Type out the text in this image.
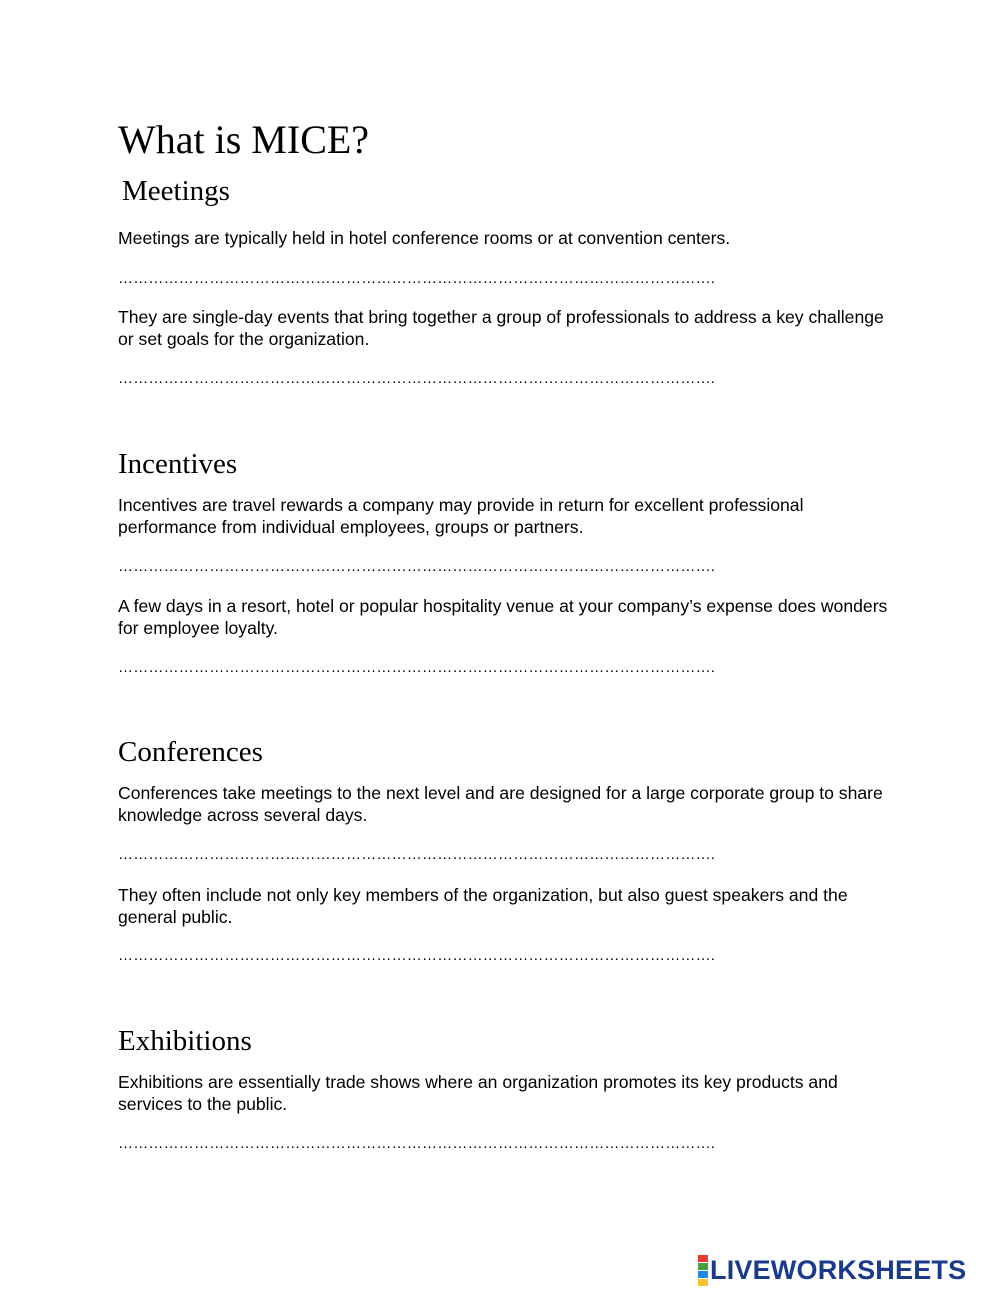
What is MICE?
Meetings
Meetings are typically held in hotel conference rooms or at convention centers.
……………………………………………………………………………………………………….
They are single-day events that bring together a group of professionals to address a key challenge or set goals for the organization.
……………………………………………………………………………………………………….
Incentives
Incentives are travel rewards a company may provide in return for excellent professional performance from individual employees, groups or partners.
……………………………………………………………………………………………………….
A few days in a resort, hotel or popular hospitality venue at your company’s expense does wonders for employee loyalty.
……………………………………………………………………………………………………….
Conferences
Conferences take meetings to the next level and are designed for a large corporate group to share knowledge across several days.
……………………………………………………………………………………………………….
They often include not only key members of the organization, but also guest speakers and the general public.
……………………………………………………………………………………………………….
Exhibitions
Exhibitions are essentially trade shows where an organization promotes its key products and services to the public.
……………………………………………………………………………………………………….
LIVEWORKSHEETS
